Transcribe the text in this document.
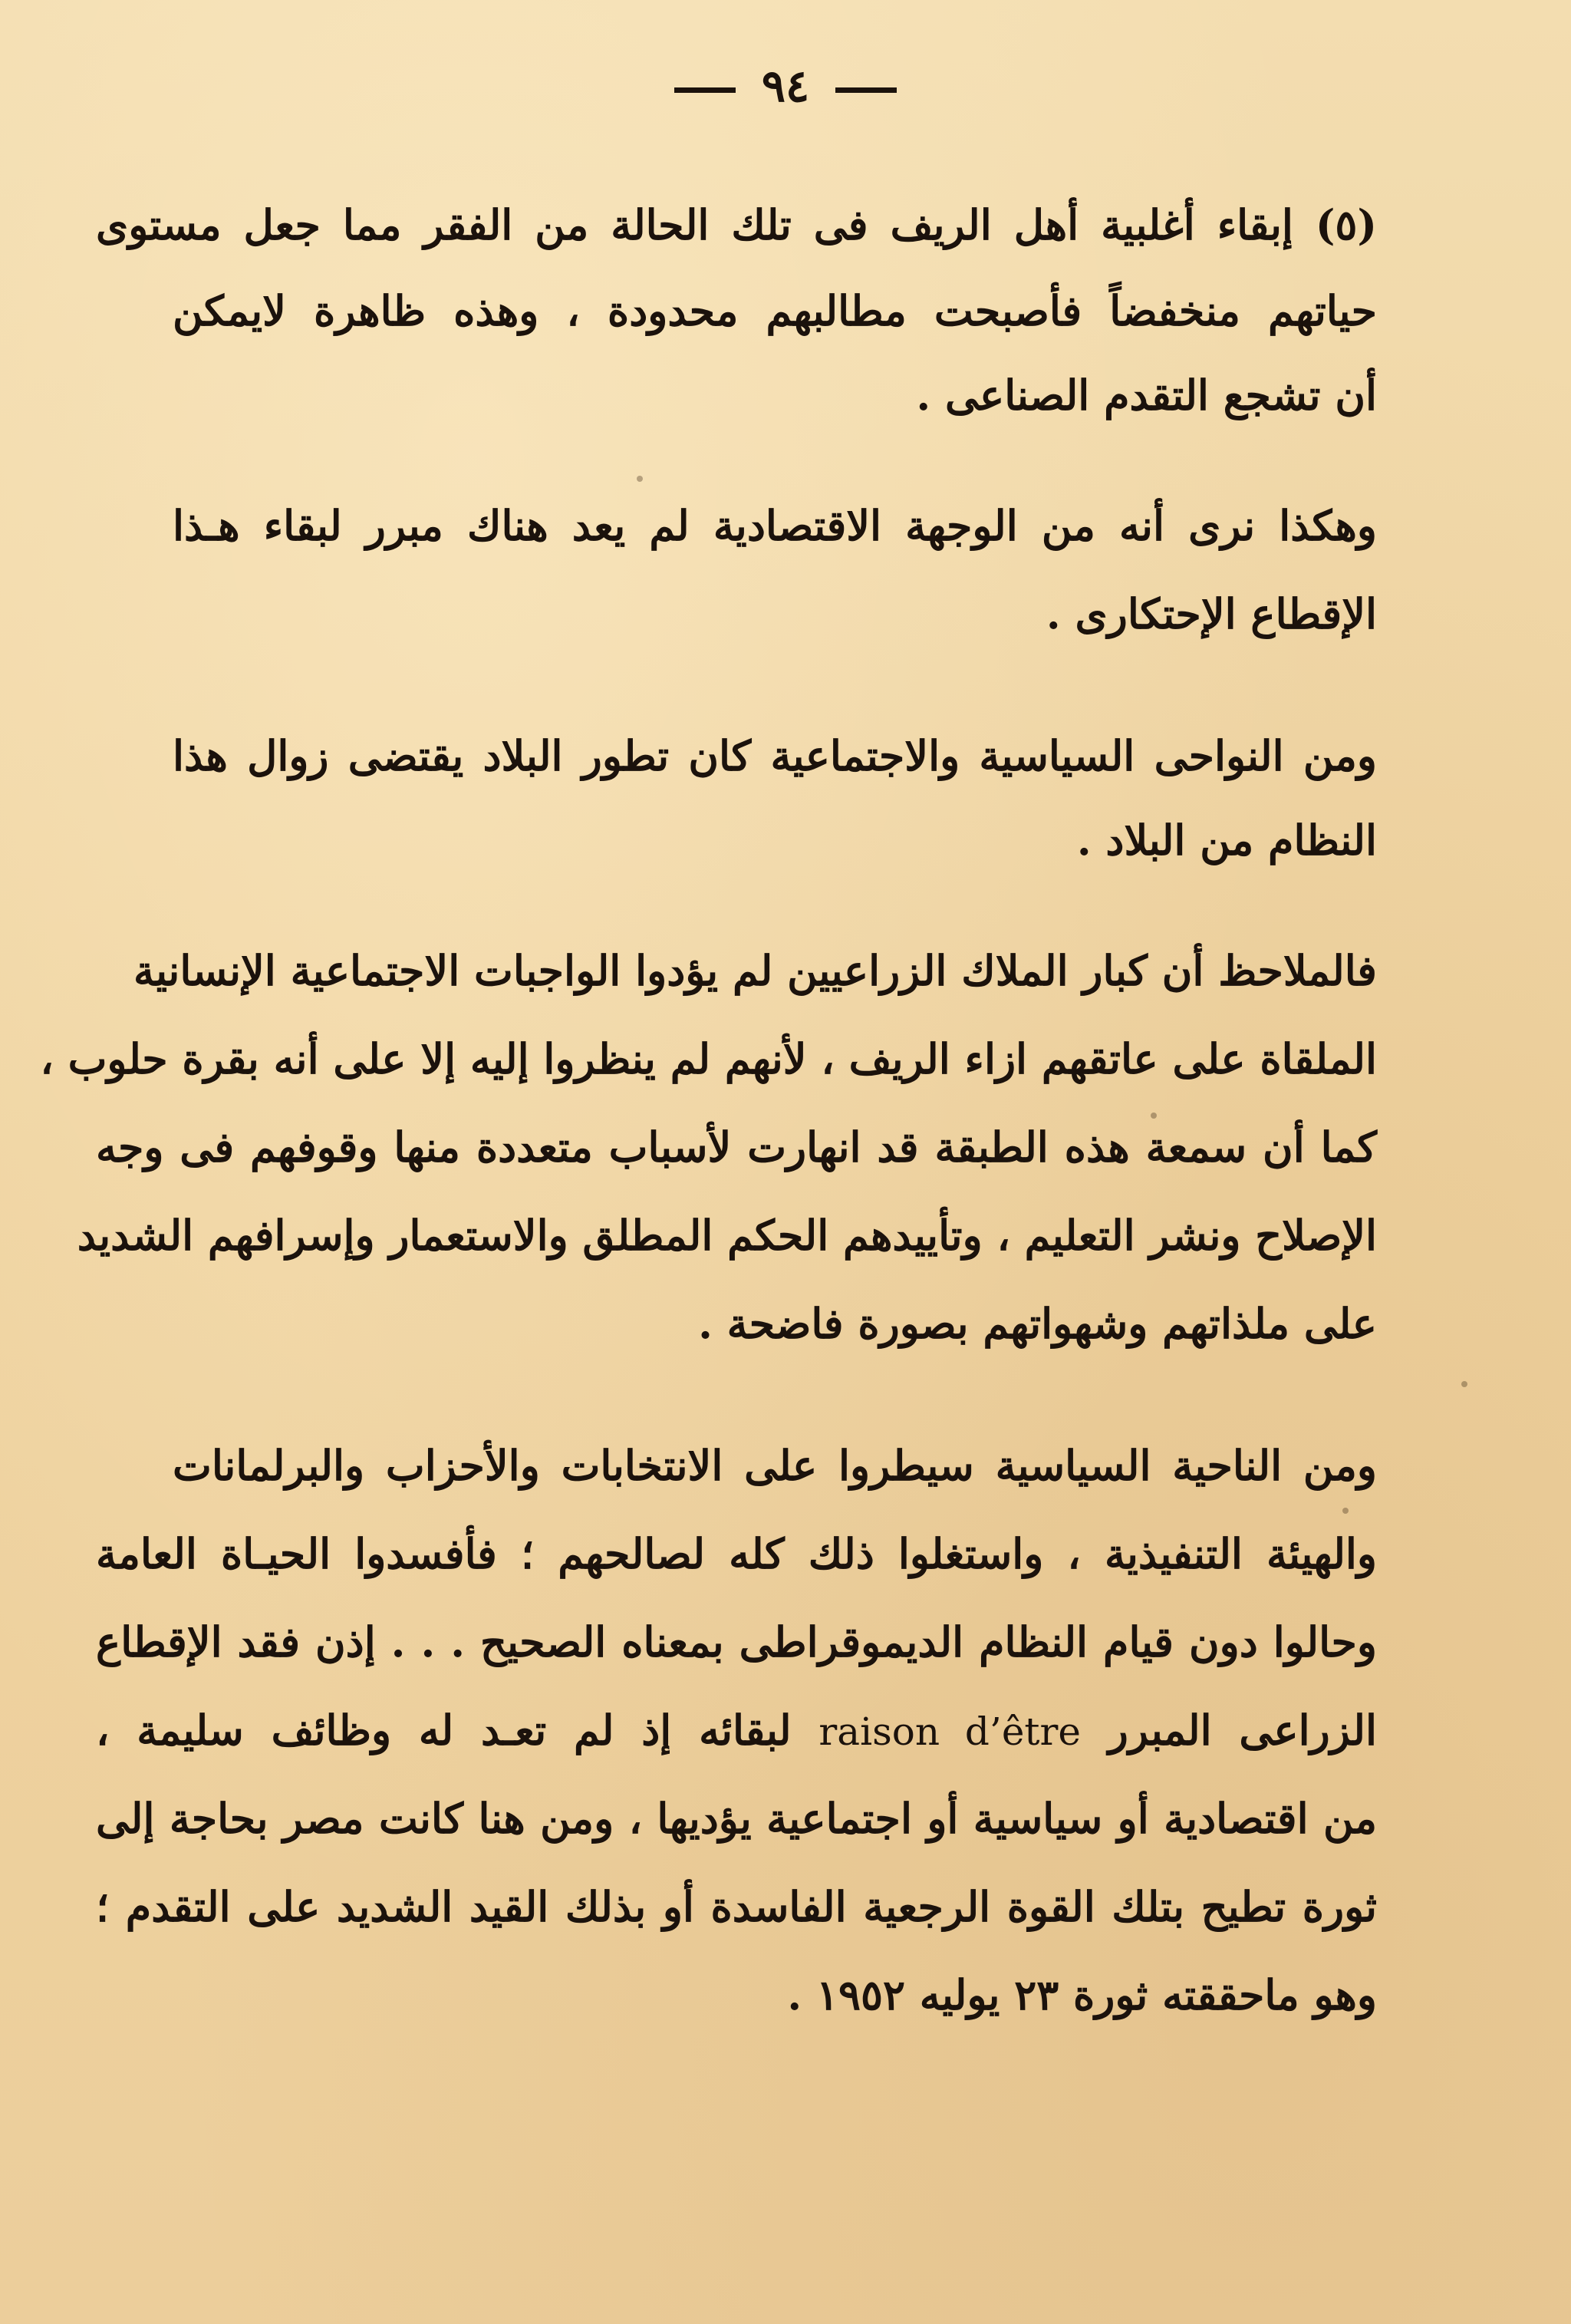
٩٤
(٥) إبقاء أغلبية أهل الريف فى تلك الحالة من الفقر مما جعل مستوى
حياتهم منخفضاً فأصبحت مطالبهم محدودة ، وهذه ظاهرة لايمكن
أن تشجع التقدم الصناعى .
وهكذا نرى أنه من الوجهة الاقتصادية لم يعد هناك مبرر لبقاء هـذا
الإقطاع الإحتكارى .
ومن النواحى السياسية والاجتماعية كان تطور البلاد يقتضى زوال هذا
النظام من البلاد .
فالملاحظ أن كبار الملاك الزراعيين لم يؤدوا الواجبات الاجتماعية الإنسانية
الملقاة على عاتقهم ازاء الريف ، لأنهم لم ينظروا إليه إلا على أنه بقرة حلوب ،
كما أن سمعة هذه الطبقة قد انهارت لأسباب متعددة منها وقوفهم فى وجه
الإصلاح ونشر التعليم ، وتأييدهم الحكم المطلق والاستعمار وإسرافهم الشديد
على ملذاتهم وشهواتهم بصورة فاضحة .
ومن الناحية السياسية سيطروا على الانتخابات والأحزاب والبرلمانات
والهيئة التنفيذية ، واستغلوا ذلك كله لصالحهم ؛ فأفسدوا الحيـاة العامة
وحالوا دون قيام النظام الديموقراطى بمعناه الصحيح . . . إذن فقد الإقطاع
الزراعى المبرر raison d’être لبقائه إذ لم تعـد له وظائف سليمة ،
من اقتصادية أو سياسية أو اجتماعية يؤديها ، ومن هنا كانت مصر بحاجة إلى
ثورة تطيح بتلك القوة الرجعية الفاسدة أو بذلك القيد الشديد على التقدم ؛
وهو ماحققته ثورة ٢٣ يوليه ١٩٥٢ .
